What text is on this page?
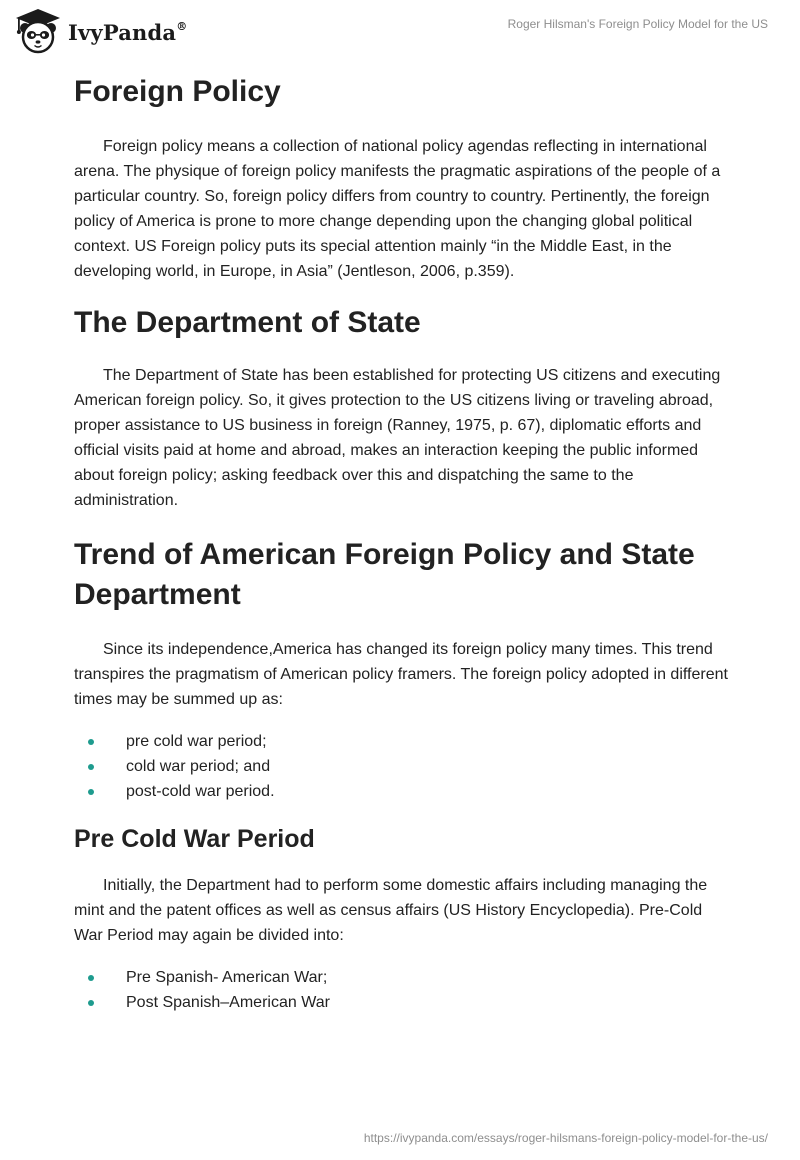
IvyPanda®	Roger Hilsman's Foreign Policy Model for the US
Foreign Policy

Foreign policy means a collection of national policy agendas reflecting in international arena. The physique of foreign policy manifests the pragmatic aspirations of the people of a particular country. So, foreign policy differs from country to country. Pertinently, the foreign policy of America is prone to more change depending upon the changing global political context. US Foreign policy puts its special attention mainly “in the Middle East, in the developing world, in Europe, in Asia” (Jentleson, 2006, p.359).

The Department of State

The Department of State has been established for protecting US citizens and executing American foreign policy. So, it gives protection to the US citizens living or traveling abroad, proper assistance to US business in foreign (Ranney, 1975, p. 67), diplomatic efforts and official visits paid at home and abroad, makes an interaction keeping the public informed about foreign policy; asking feedback over this and dispatching the same to the administration.

Trend of American Foreign Policy and State
Department

Since its independence,America has changed its foreign policy many times. This trend transpires the pragmatism of American policy framers. The foreign policy adopted in different times may be summed up as:

pre cold war period;
cold war period; and
post-cold war period.
Pre Cold War Period

Initially, the Department had to perform some domestic affairs including managing the mint and the patent offices as well as census affairs (US History Encyclopedia). Pre-Cold War Period may again be divided into:

Pre Spanish- American War;
Post Spanish–American War
https://ivypanda.com/essays/roger-hilsmans-foreign-policy-model-for-the-us/
